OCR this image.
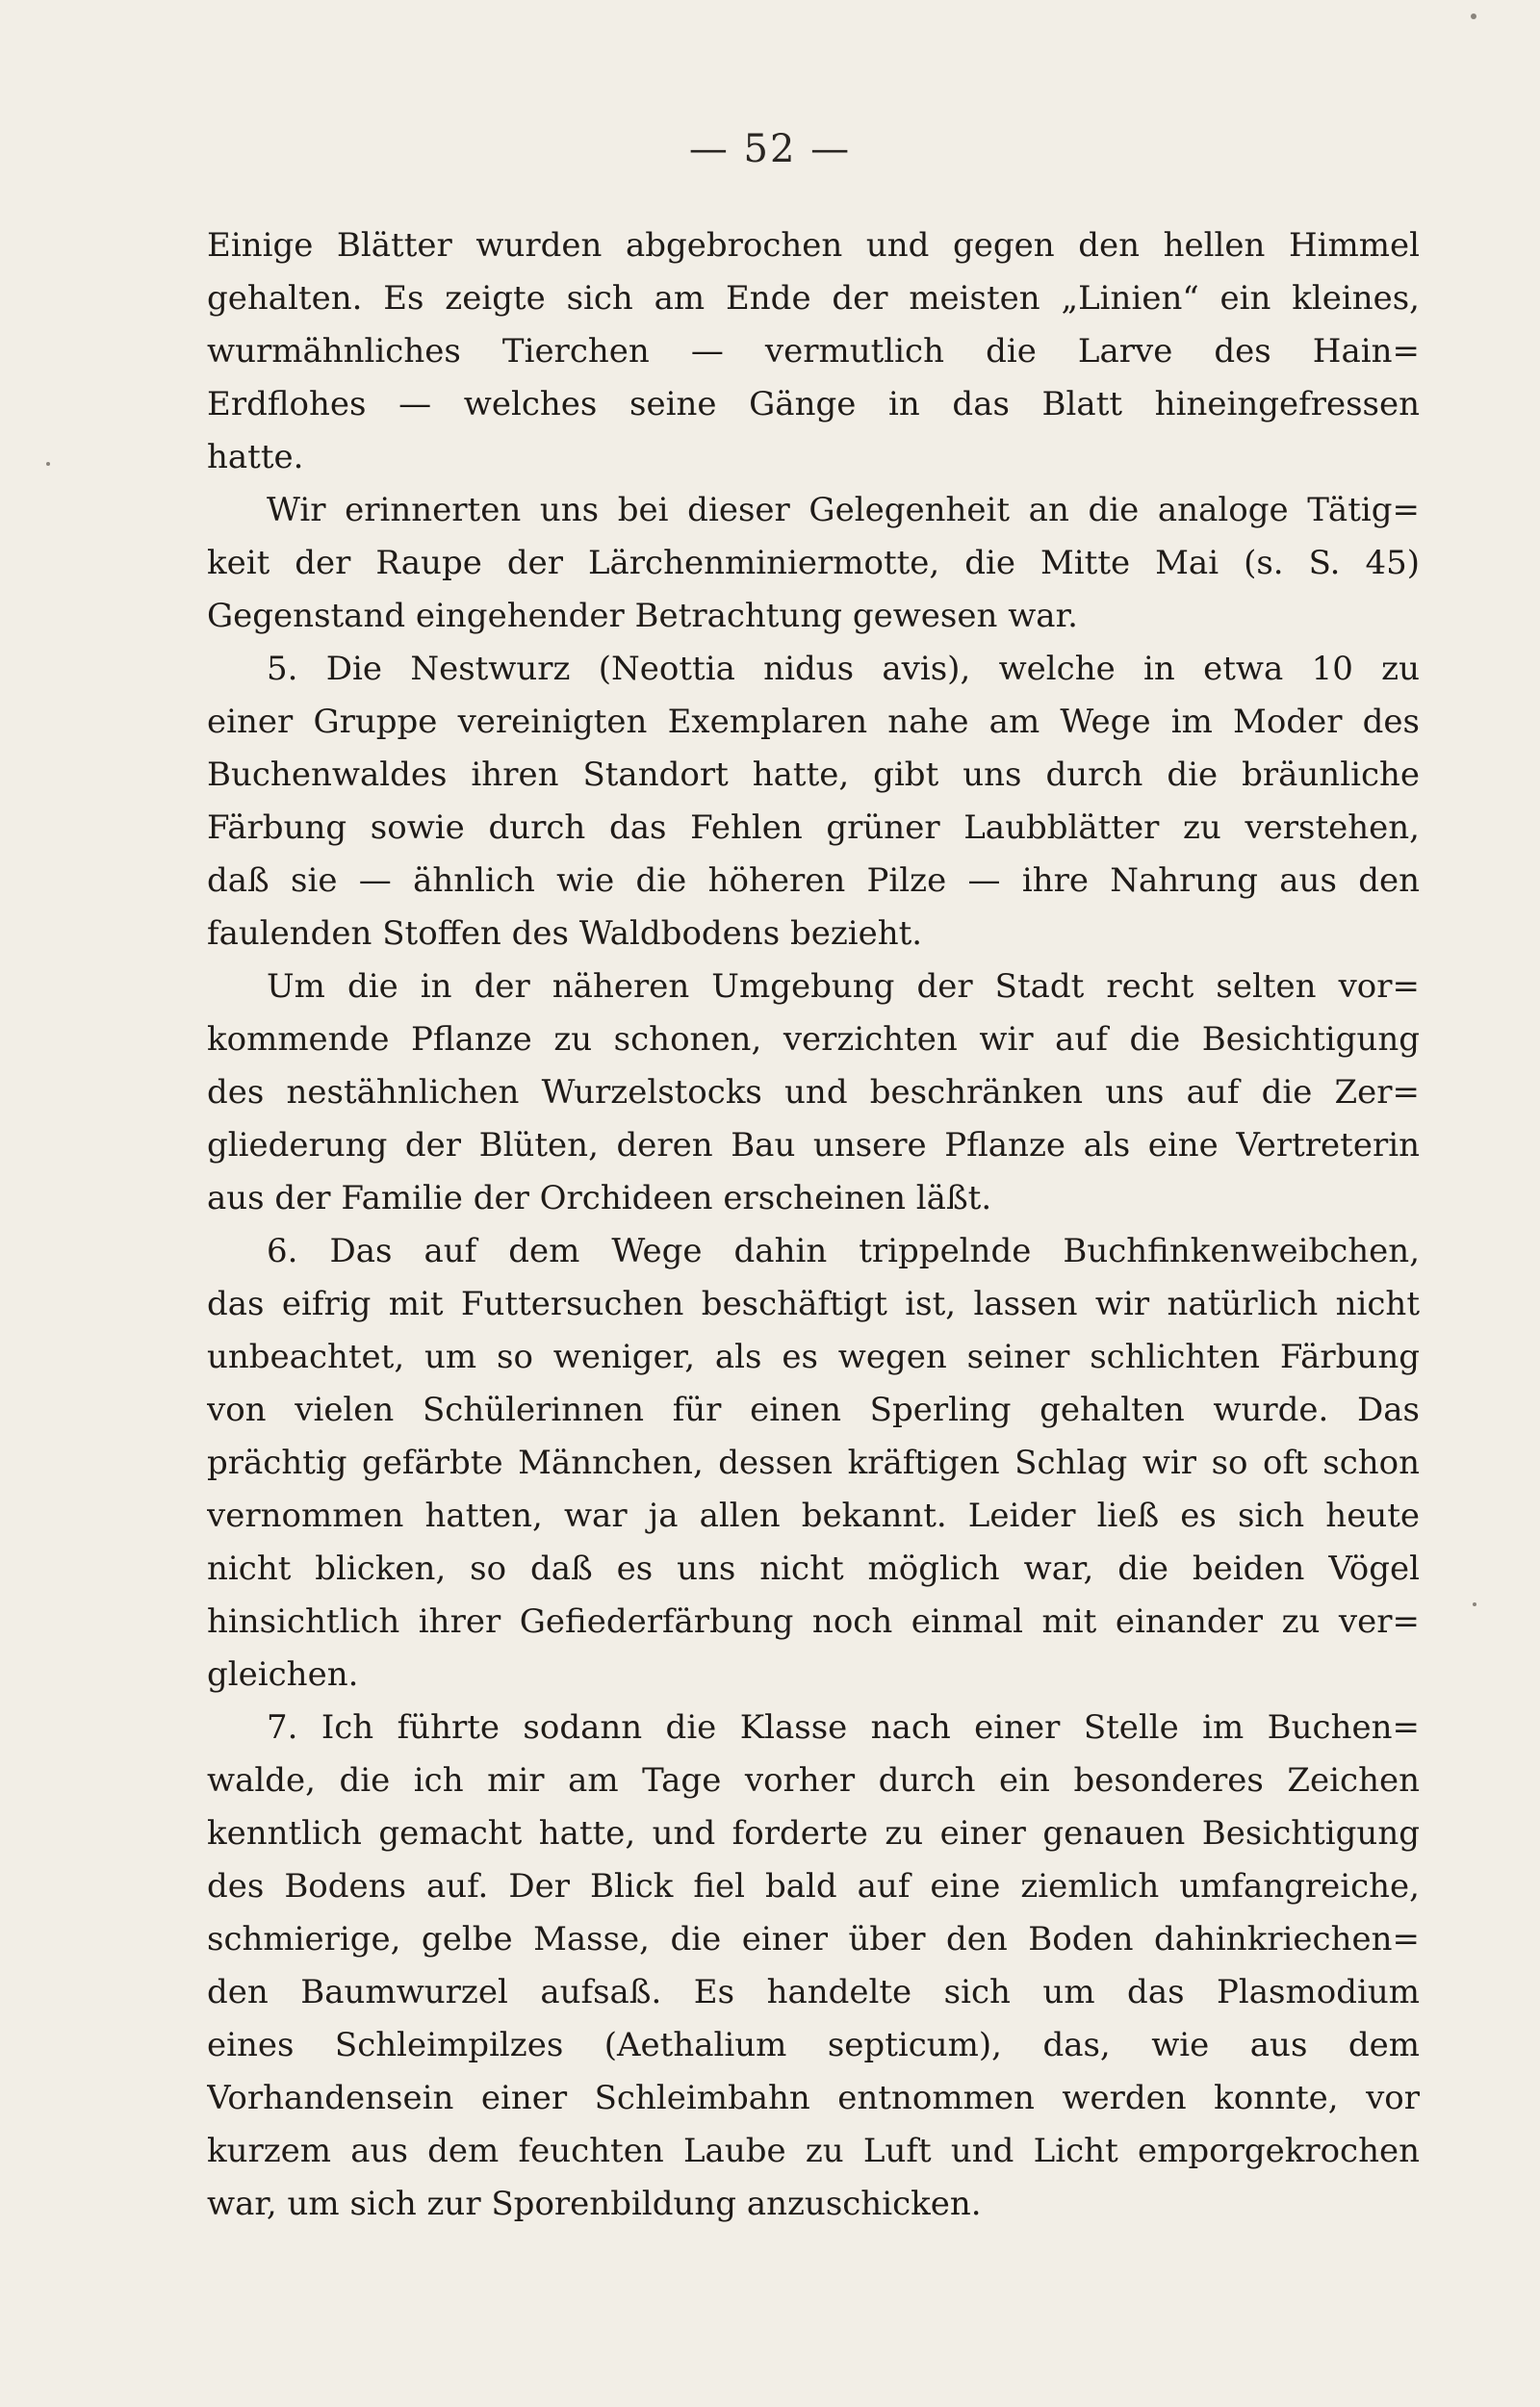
— 52 —
Einige Blätter wurden abgebrochen und gegen den hellen Himmel
gehalten. Es zeigte sich am Ende der meisten „Linien“ ein kleines,
wurmähnliches Tierchen — vermutlich die Larve des Hain=
Erdflohes — welches seine Gänge in das Blatt hineingefressen
hatte.
Wir erinnerten uns bei dieser Gelegenheit an die analoge Tätig=
keit der Raupe der Lärchenminiermotte, die Mitte Mai (s. S. 45)
Gegenstand eingehender Betrachtung gewesen war.
5. Die Nestwurz (Neottia nidus avis), welche in etwa 10 zu
einer Gruppe vereinigten Exemplaren nahe am Wege im Moder des
Buchenwaldes ihren Standort hatte, gibt uns durch die bräunliche
Färbung sowie durch das Fehlen grüner Laubblätter zu verstehen,
daß sie — ähnlich wie die höheren Pilze — ihre Nahrung aus den
faulenden Stoffen des Waldbodens bezieht.
Um die in der näheren Umgebung der Stadt recht selten vor=
kommende Pflanze zu schonen, verzichten wir auf die Besichtigung
des nestähnlichen Wurzelstocks und beschränken uns auf die Zer=
gliederung der Blüten, deren Bau unsere Pflanze als eine Vertreterin
aus der Familie der Orchideen erscheinen läßt.
6. Das auf dem Wege dahin trippelnde Buchfinkenweibchen,
das eifrig mit Futtersuchen beschäftigt ist, lassen wir natürlich nicht
unbeachtet, um so weniger, als es wegen seiner schlichten Färbung
von vielen Schülerinnen für einen Sperling gehalten wurde. Das
prächtig gefärbte Männchen, dessen kräftigen Schlag wir so oft schon
vernommen hatten, war ja allen bekannt. Leider ließ es sich heute
nicht blicken, so daß es uns nicht möglich war, die beiden Vögel
hinsichtlich ihrer Gefiederfärbung noch einmal mit einander zu ver=
gleichen.
7. Ich führte sodann die Klasse nach einer Stelle im Buchen=
walde, die ich mir am Tage vorher durch ein besonderes Zeichen
kenntlich gemacht hatte, und forderte zu einer genauen Besichtigung
des Bodens auf. Der Blick fiel bald auf eine ziemlich umfangreiche,
schmierige, gelbe Masse, die einer über den Boden dahinkriechen=
den Baumwurzel aufsaß. Es handelte sich um das Plasmodium
eines Schleimpilzes (Aethalium septicum), das, wie aus dem
Vorhandensein einer Schleimbahn entnommen werden konnte, vor
kurzem aus dem feuchten Laube zu Luft und Licht emporgekrochen
war, um sich zur Sporenbildung anzuschicken.
